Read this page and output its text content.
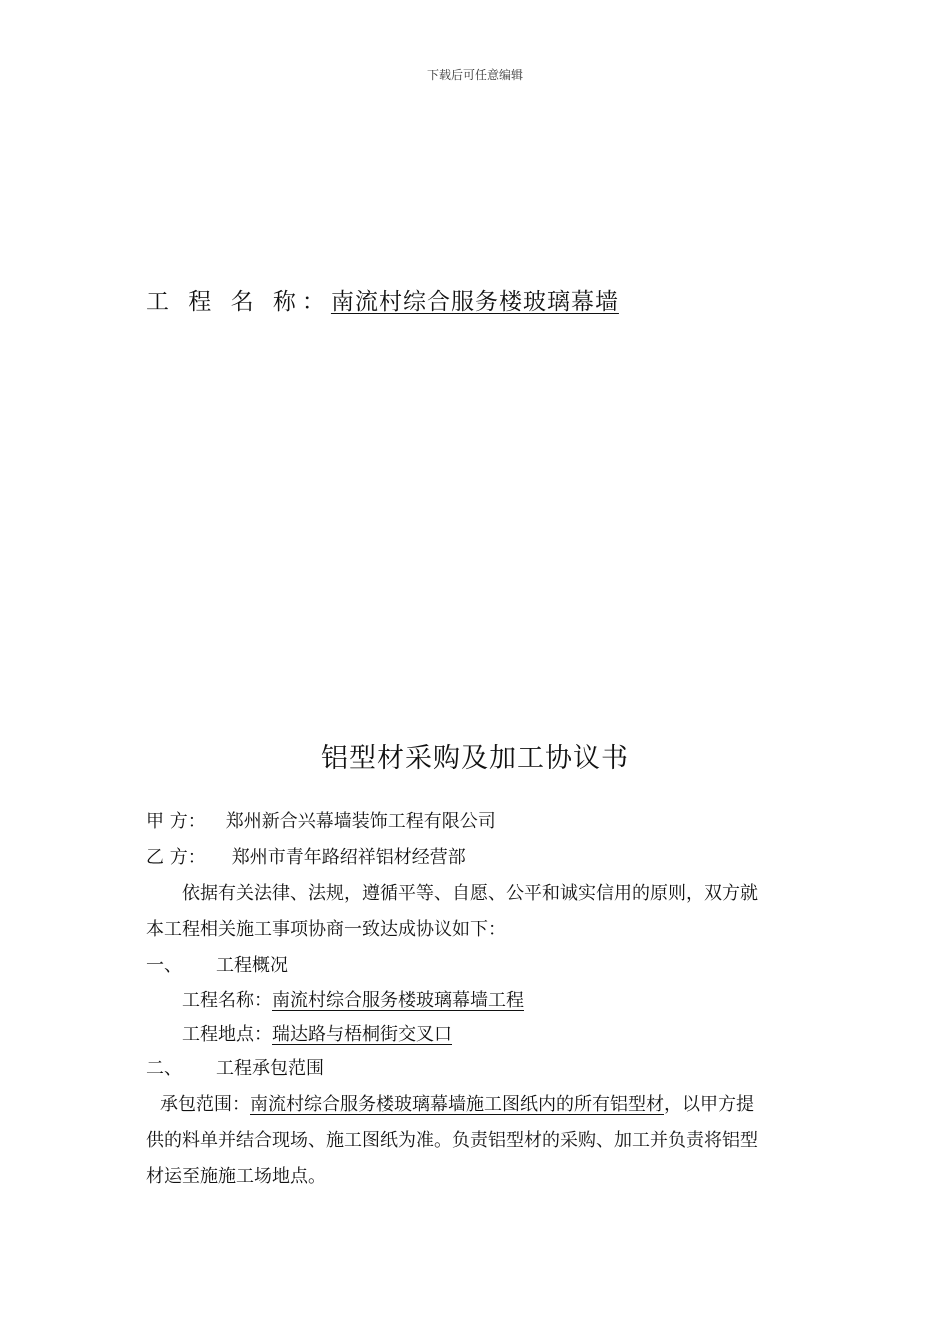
下载后可任意编辑
工 程 名 称：南流村综合服务楼玻璃幕墙
铝型材采购及加工协议书
甲 方： 郑州新合兴幕墙装饰工程有限公司
乙 方： 郑州市青年路绍祥铝材经营部
依据有关法律、法规，遵循平等、自愿、公平和诚实信用的原则，双方就
本工程相关施工事项协商一致达成协议如下：
一、 工程概况
工程名称：南流村综合服务楼玻璃幕墙工程
工程地点：瑞达路与梧桐街交叉口
二、 工程承包范围
承包范围：南流村综合服务楼玻璃幕墙施工图纸内的所有铝型材，以甲方提
供的料单并结合现场、施工图纸为准。负责铝型材的采购、加工并负责将铝型
材运至施施工场地点。
